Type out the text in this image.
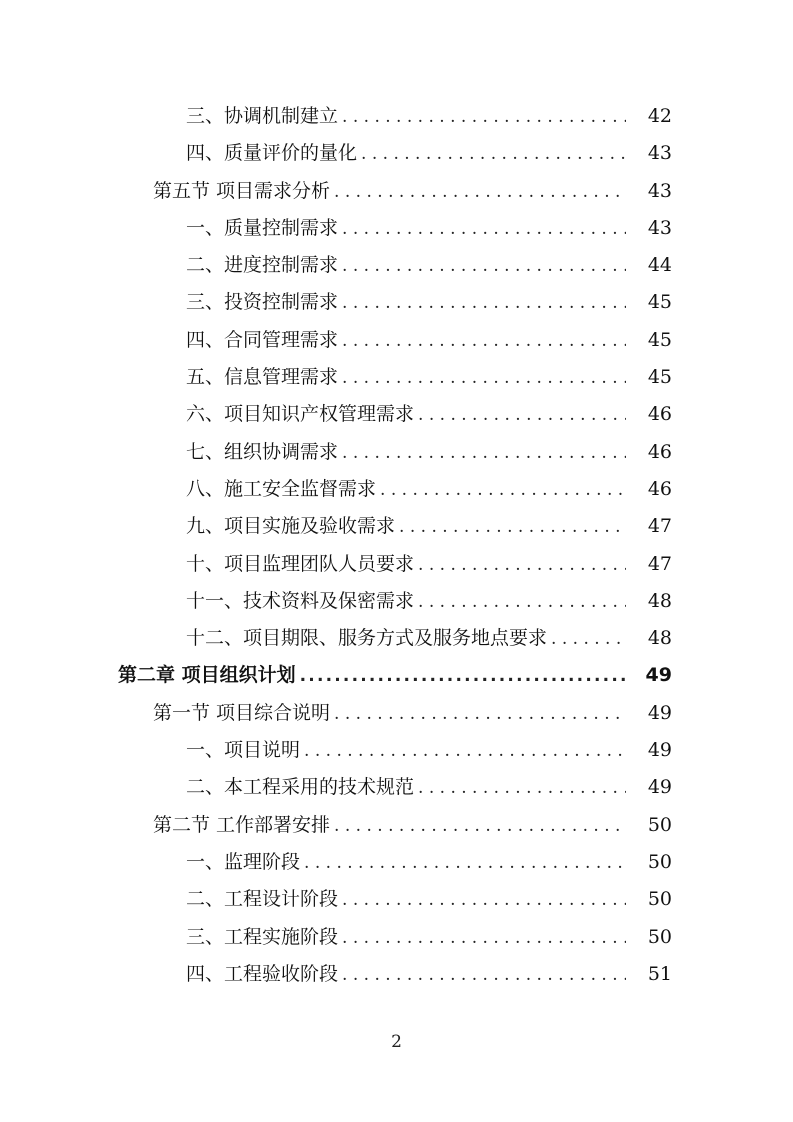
三、协调机制建立 . . .	42
四、质量评价的量化 . . .	43
第五节 项目需求分析 . . .	43
一、质量控制需求 . . .	43
二、进度控制需求 . . .	44
三、投资控制需求 . . .	45
四、合同管理需求 . . .	45
五、信息管理需求 . . .	45
六、项目知识产权管理需求 . . .	46
七、组织协调需求 . . .	46
八、施工安全监督需求 . . .	46
九、项目实施及验收需求 . . .	47
十、项目监理团队人员要求 . . .	47
十一、技术资料及保密需求 . . .	48
十二、项目期限、服务方式及服务地点要求 . . .	48
第二章 项目组织计划 .....	49
第一节 项目综合说明 . . .	49
一、项目说明 . . .	49
二、本工程采用的技术规范 . . .	49
第二节 工作部署安排 . . .	50
一、监理阶段 . . .	50
二、工程设计阶段 . . .	50
三、工程实施阶段 . . .	50
四、工程验收阶段 . . .	51
2
